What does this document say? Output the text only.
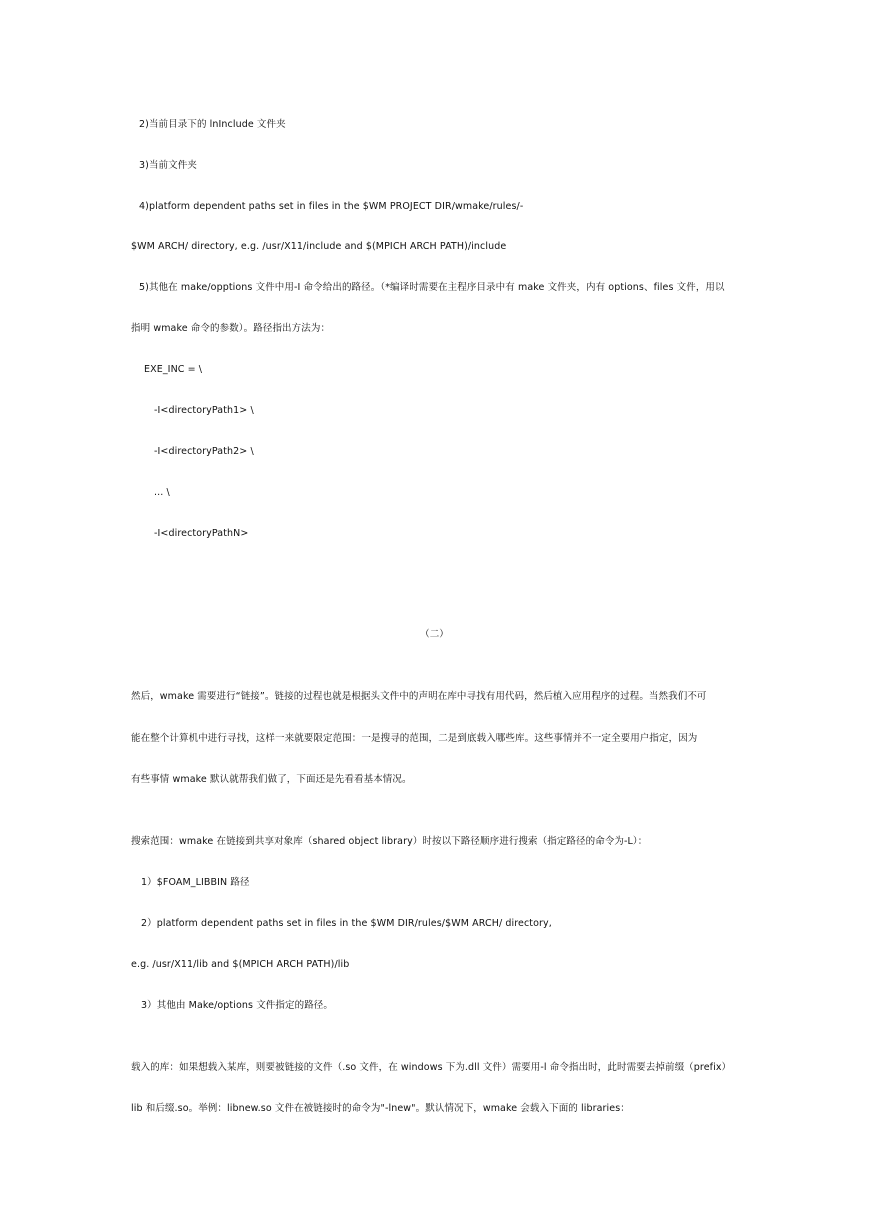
2)当前目录下的 lnInclude 文件夹
3)当前文件夹
4)platform dependent paths set in files in the $WM PROJECT DIR/wmake/rules/-
$WM ARCH/ directory, e.g. /usr/X11/include and $(MPICH ARCH PATH)/include
5)其他在 make/opptions 文件中用-I 命令给出的路径。（*编译时需要在主程序目录中有 make 文件夹，内有 options、files 文件，用以
指明 wmake 命令的参数）。路径指出方法为：
EXE_INC = \
-I<directoryPath1> \
-I<directoryPath2> \
... \
-I<directoryPathN>
（二）
然后，wmake 需要进行“链接”。链接的过程也就是根据头文件中的声明在库中寻找有用代码，然后植入应用程序的过程。当然我们不可
能在整个计算机中进行寻找，这样一来就要限定范围：一是搜寻的范围，二是到底载入哪些库。这些事情并不一定全要用户指定，因为
有些事情 wmake 默认就帮我们做了，下面还是先看看基本情况。
搜索范围：wmake 在链接到共享对象库（shared object library）时按以下路径顺序进行搜索（指定路径的命令为-L）：
1）$FOAM_LIBBIN 路径
2）platform dependent paths set in files in the $WM DIR/rules/$WM ARCH/ directory,
e.g. /usr/X11/lib and $(MPICH ARCH PATH)/lib
3）其他由 Make/options 文件指定的路径。
载入的库：如果想载入某库，则要被链接的文件（.so 文件，在 windows 下为.dll 文件）需要用-l 命令指出时，此时需要去掉前缀（prefix）
lib 和后缀.so。举例：libnew.so 文件在被链接时的命令为"-lnew"。默认情况下，wmake 会载入下面的 libraries：
